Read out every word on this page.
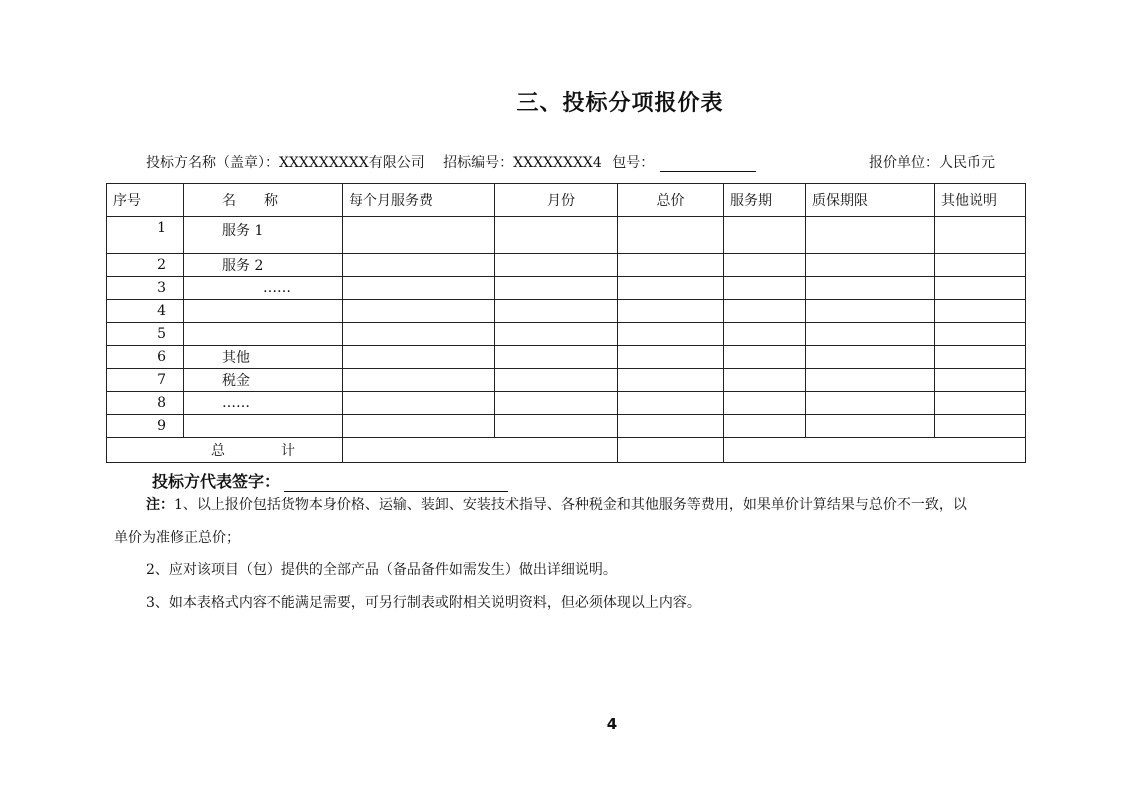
三、投标分项报价表
投标方名称（盖章）：XXXXXXXXX有限公司 招标编号：XXXXXXXX4 包号：	报价单位：人民币元
序号	名　　称	每个月服务费	月份	总价	服务期	质保期限	其他说明
1	服务 1						
2	服务 2						
3	……						
4							
5							
6	其他						
7	税金						
8	……						
9							
总　　　　计							
投标方代表签字：
注：1、以上报价包括货物本身价格、运输、装卸、安装技术指导、各种税金和其他服务等费用，如果单价计算结果与总价不一致，以
单价为准修正总价；
2、应对该项目（包）提供的全部产品（备品备件如需发生）做出详细说明。
3、如本表格式内容不能满足需要，可另行制表或附相关说明资料，但必须体现以上内容。
4
